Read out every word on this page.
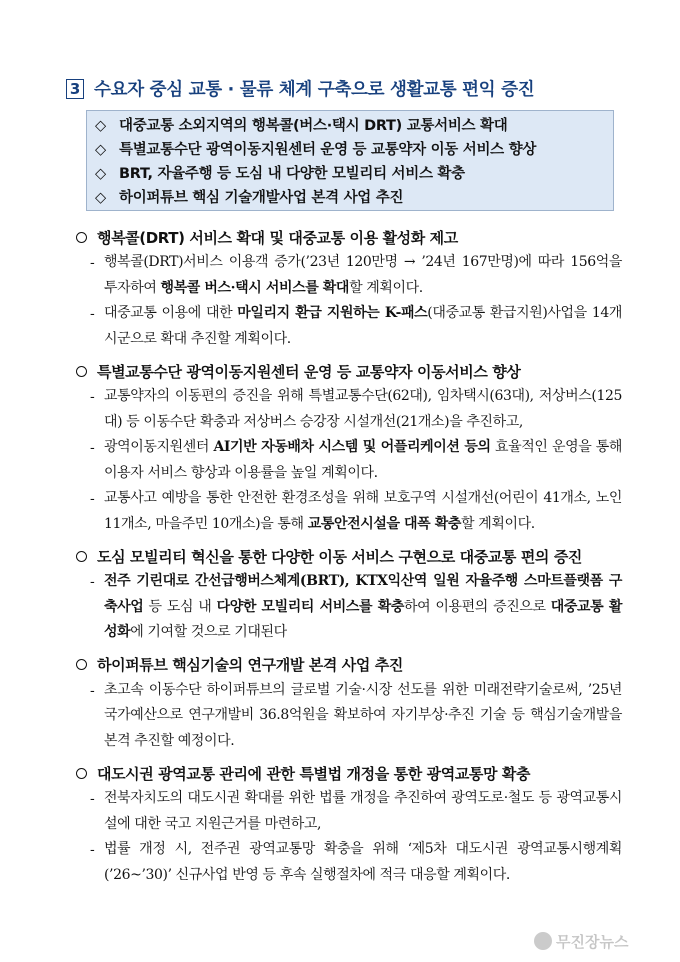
3 수요자 중심 교통 · 물류 체계 구축으로 생활교통 편익 증진
◇ 대중교통 소외지역의 행복콜(버스·택시 DRT) 교통서비스 확대
◇ 특별교통수단 광역이동지원센터 운영 등 교통약자 이동 서비스 향상
◇ BRT, 자율주행 등 도심 내 다양한 모빌리티 서비스 확충
◇ 하이퍼튜브 핵심 기술개발사업 본격 사업 추진
행복콜(DRT) 서비스 확대 및 대중교통 이용 활성화 제고
- 행복콜(DRT)서비스 이용객 증가(’23년 120만명 → ’24년 167만명)에 따라 156억을 투자하여 행복콜 버스·택시 서비스를 확대할 계획이다.
- 대중교통 이용에 대한 마일리지 환급 지원하는 K-패스(대중교통 환급지원)사업을 14개 시군으로 확대 추진할 계획이다.
특별교통수단 광역이동지원센터 운영 등 교통약자 이동서비스 향상
- 교통약자의 이동편의 증진을 위해 특별교통수단(62대), 임차택시(63대), 저상버스(125대) 등 이동수단 확충과 저상버스 승강장 시설개선(21개소)을 추진하고,
- 광역이동지원센터 AI기반 자동배차 시스템 및 어플리케이션 등의 효율적인 운영을 통해 이용자 서비스 향상과 이용률을 높일 계획이다.
- 교통사고 예방을 통한 안전한 환경조성을 위해 보호구역 시설개선(어린이 41개소, 노인 11개소, 마을주민 10개소)을 통해 교통안전시설을 대폭 확충할 계획이다.
도심 모빌리티 혁신을 통한 다양한 이동 서비스 구현으로 대중교통 편의 증진
- 전주 기린대로 간선급행버스체계(BRT), KTX익산역 일원 자율주행 스마트플랫폼 구축사업 등 도심 내 다양한 모빌리티 서비스를 확충하여 이용편의 증진으로 대중교통 활성화에 기여할 것으로 기대된다
하이퍼튜브 핵심기술의 연구개발 본격 사업 추진
- 초고속 이동수단 하이퍼튜브의 글로벌 기술·시장 선도를 위한 미래전략기술로써, ’25년 국가예산으로 연구개발비 36.8억원을 확보하여 자기부상·추진 기술 등 핵심기술개발을 본격 추진할 예정이다.
대도시권 광역교통 관리에 관한 특별법 개정을 통한 광역교통망 확충
- 전북자치도의 대도시권 확대를 위한 법률 개정을 추진하여 광역도로·철도 등 광역교통시설에 대한 국고 지원근거를 마련하고,
- 법률 개정 시, 전주권 광역교통망 확충을 위해 ‘제5차 대도시권 광역교통시행계획(’26~’30)’ 신규사업 반영 등 후속 실행절차에 적극 대응할 계획이다.
무진장뉴스
